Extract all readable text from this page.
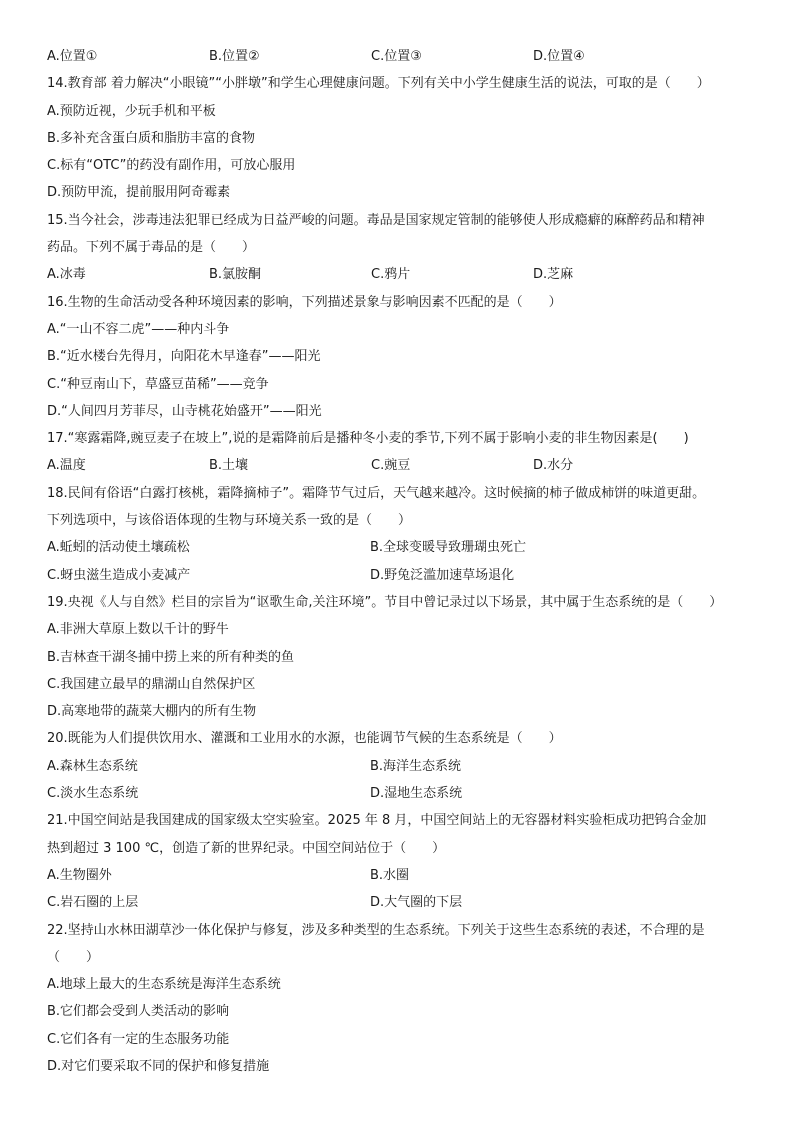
A.位置①	B.位置②	C.位置③	D.位置④
14.教育部 着力解决“小眼镜”“小胖墩”和学生心理健康问题。下列有关中小学生健康生活的说法，可取的是（　　）
A.预防近视，少玩手机和平板
B.多补充含蛋白质和脂肪丰富的食物
C.标有“OTC”的药没有副作用，可放心服用
D.预防甲流，提前服用阿奇霉素
15.当今社会，涉毒违法犯罪已经成为日益严峻的问题。毒品是国家规定管制的能够使人形成瘾癖的麻醉药品和精神
药品。下列不属于毒品的是（　　）
A.冰毒	B.氯胺酮	C.鸦片	D.芝麻
16.生物的生命活动受各种环境因素的影响，下列描述景象与影响因素不匹配的是（　　）
A.“一山不容二虎”——种内斗争
B.“近水楼台先得月，向阳花木早逢春”——阳光
C.“种豆南山下，草盛豆苗稀”——竞争
D.“人间四月芳菲尽，山寺桃花始盛开”——阳光
17.“寒露霜降,豌豆麦子在坡上”,说的是霜降前后是播种冬小麦的季节,下列不属于影响小麦的非生物因素是(　　)
A.温度	B.土壤	C.豌豆	D.水分
18.民间有俗语“白露打核桃，霜降摘柿子”。霜降节气过后，天气越来越冷。这时候摘的柿子做成柿饼的味道更甜。
下列选项中，与该俗语体现的生物与环境关系一致的是（　　）
A.蚯蚓的活动使土壤疏松	B.全球变暖导致珊瑚虫死亡
C.蚜虫滋生造成小麦减产	D.野兔泛滥加速草场退化
19.央视《人与自然》栏目的宗旨为“讴歌生命,关注环境”。节目中曾记录过以下场景，其中属于生态系统的是（　　）
A.非洲大草原上数以千计的野牛
B.吉林查干湖冬捕中捞上来的所有种类的鱼
C.我国建立最早的鼎湖山自然保护区
D.高寒地带的蔬菜大棚内的所有生物
20.既能为人们提供饮用水、灌溉和工业用水的水源，也能调节气候的生态系统是（　　）
A.森林生态系统	B.海洋生态系统
C.淡水生态系统	D.湿地生态系统
21.中国空间站是我国建成的国家级太空实验室。2025 年 8 月，中国空间站上的无容器材料实验柜成功把钨合金加
热到超过 3 100 ℃，创造了新的世界纪录。中国空间站位于（　　）
A.生物圈外	B.水圈
C.岩石圈的上层	D.大气圈的下层
22.坚持山水林田湖草沙一体化保护与修复，涉及多种类型的生态系统。下列关于这些生态系统的表述，不合理的是
（　　）
A.地球上最大的生态系统是海洋生态系统
B.它们都会受到人类活动的影响
C.它们各有一定的生态服务功能
D.对它们要采取不同的保护和修复措施
